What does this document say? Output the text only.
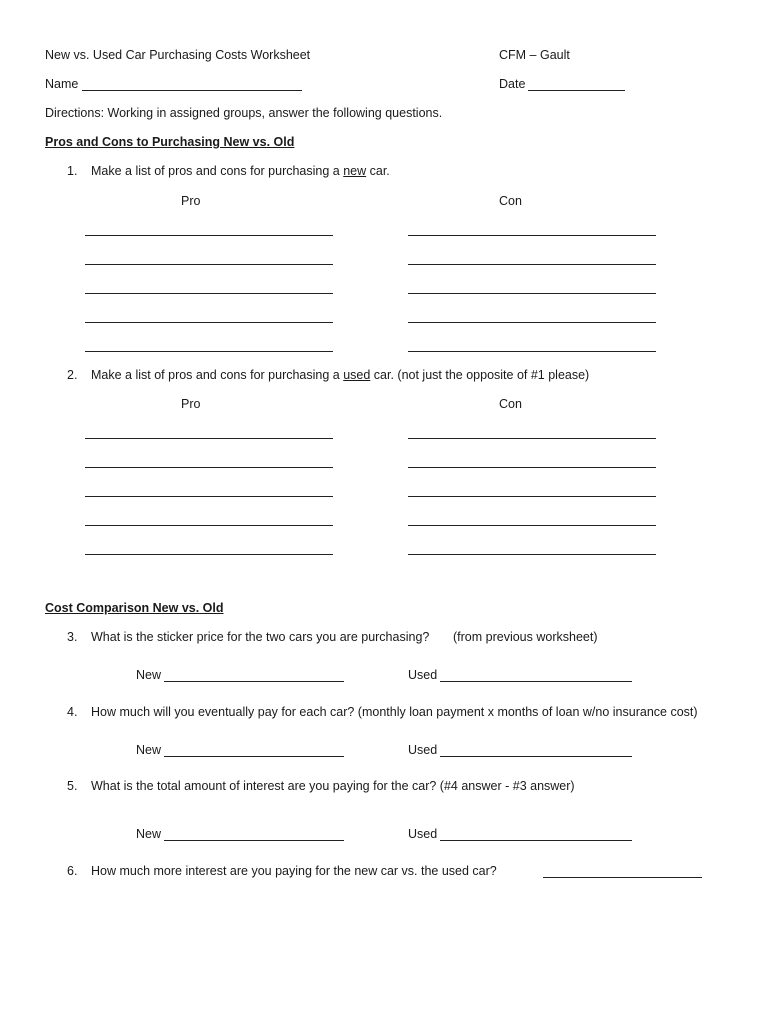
New vs. Used Car Purchasing Costs Worksheet	CFM – Gault
Name	Date
Directions: Working in assigned groups, answer the following questions.
Pros and Cons to Purchasing New vs. Old
1. Make a list of pros and cons for purchasing a new car.
Pro	Con
2. Make a list of pros and cons for purchasing a used car. (not just the opposite of #1 please)
Pro	Con
Cost Comparison New vs. Old
3. What is the sticker price for the two cars you are purchasing? (from previous worksheet)
New	Used
4. How much will you eventually pay for each car? (monthly loan payment x months of loan w/no insurance cost)
New	Used
5. What is the total amount of interest are you paying for the car? (#4 answer - #3 answer)
New	Used
6. How much more interest are you paying for the new car vs. the used car?
